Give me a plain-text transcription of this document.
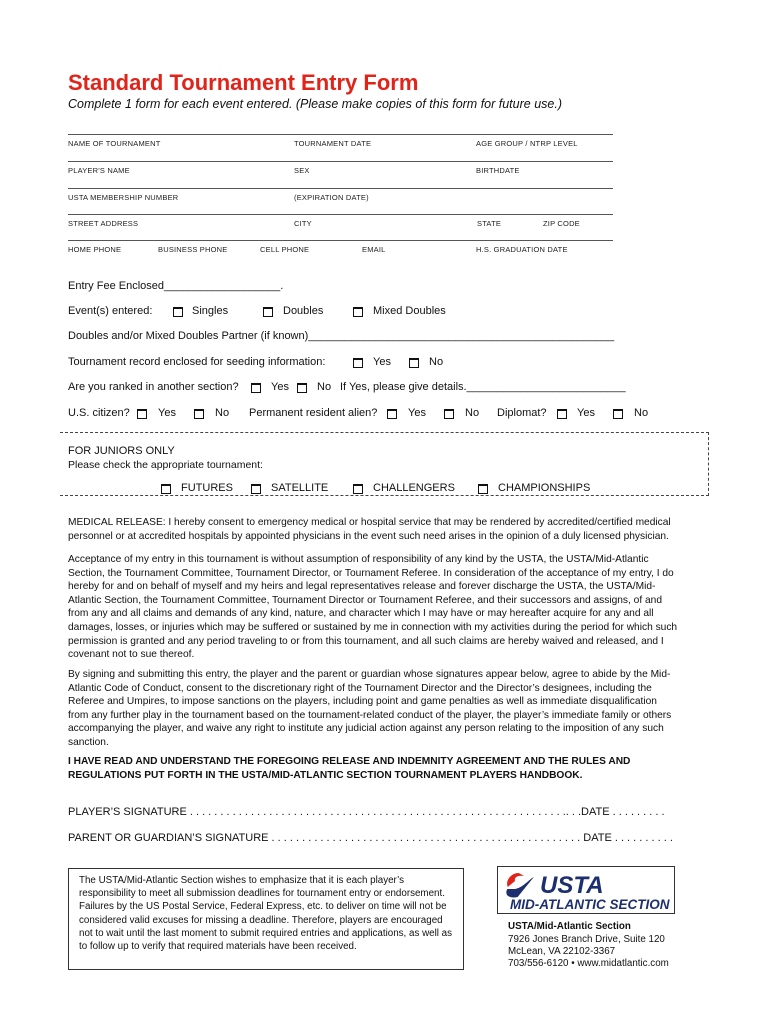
Standard Tournament Entry Form
Complete 1 form for each event entered. (Please make copies of this form for future use.)
NAME OF TOURNAMENT	TOURNAMENT DATE	AGE GROUP / NTRP LEVEL
PLAYER'S NAME	SEX	BIRTHDATE
USTA MEMBERSHIP NUMBER	(EXPIRATION DATE)
STREET ADDRESS	CITY	STATE	ZIP CODE
HOME PHONE	BUSINESS PHONE	CELL PHONE	EMAIL	H.S. GRADUATION DATE
Entry Fee Enclosed___________________.
Event(s) entered:	Singles	Doubles	Mixed Doubles
Doubles and/or Mixed Doubles Partner (if known)__________________________________________________
Tournament record enclosed for seeding information:	Yes	No
Are you ranked in another section?	Yes	No If Yes, please give details.__________________________
U.S. citizen?	Yes	No Permanent resident alien?	Yes	No Diplomat?	Yes	No
FOR JUNIORS ONLY
Please check the appropriate tournament:
FUTURES	SATELLITE	CHALLENGERS	CHAMPIONSHIPS
MEDICAL RELEASE: I hereby consent to emergency medical or hospital service that may be rendered by accredited/certified medical personnel or at accredited hospitals by appointed physicians in the event such need arises in the opinion of a duly licensed physician.
Acceptance of my entry in this tournament is without assumption of responsibility of any kind by the USTA, the USTA/Mid-Atlantic Section, the Tournament Committee, Tournament Director, or Tournament Referee. In consideration of the acceptance of my entry, I do hereby for and on behalf of myself and my heirs and legal representatives release and forever discharge the USTA, the USTA/Mid-Atlantic Section, the Tournament Committee, Tournament Director or Tournament Referee, and their successors and assigns, of and from any and all claims and demands of any kind, nature, and character which I may have or may hereafter acquire for any and all damages, losses, or injuries which may be suffered or sustained by me in connection with my activities during the period for which such permission is granted and any period traveling to or from this tournament, and all such claims are hereby waived and released, and I covenant not to sue thereof.
By signing and submitting this entry, the player and the parent or guardian whose signatures appear below, agree to abide by the Mid-Atlantic Code of Conduct, consent to the discretionary right of the Tournament Director and the Director’s designees, including the Referee and Umpires, to impose sanctions on the players, including point and game penalties as well as immediate disqualification from any further play in the tournament based on the tournament-related conduct of the player, the player’s immediate family or others accompanying the player, and waive any right to institute any judicial action against any person relating to the imposition of any such sanction.
I HAVE READ AND UNDERSTAND THE FOREGOING RELEASE AND INDEMNITY AGREEMENT AND THE RULES AND REGULATIONS PUT FORTH IN THE USTA/MID-ATLANTIC SECTION TOURNAMENT PLAYERS HANDBOOK.
PLAYER’S SIGNATURE . . . . . . . . . . . . . . . . . . . . . . . . . . . . . . . . . . . . . . . . . . . . . . . . . . . . . . . . . . . . . .. . .DATE . . . . . . . . .
PARENT OR GUARDIAN’S SIGNATURE . . . . . . . . . . . . . . . . . . . . . . . . . . . . . . . . . . . . . . . . . . . . . . . . . . . DATE . . . . . . . . . .
The USTA/Mid-Atlantic Section wishes to emphasize that it is each player’s responsibility to meet all submission deadlines for tournament entry or endorsement. Failures by the US Postal Service, Federal Express, etc. to deliver on time will not be considered valid excuses for missing a deadline. Therefore, players are encouraged not to wait until the last moment to submit required entries and applications, as well as to follow up to verify that required materials have been received.
USTA
MID-ATLANTIC SECTION
USTA/Mid-Atlantic Section
7926 Jones Branch Drive, Suite 120
McLean, VA 22102-3367
703/556-6120 • www.midatlantic.com
